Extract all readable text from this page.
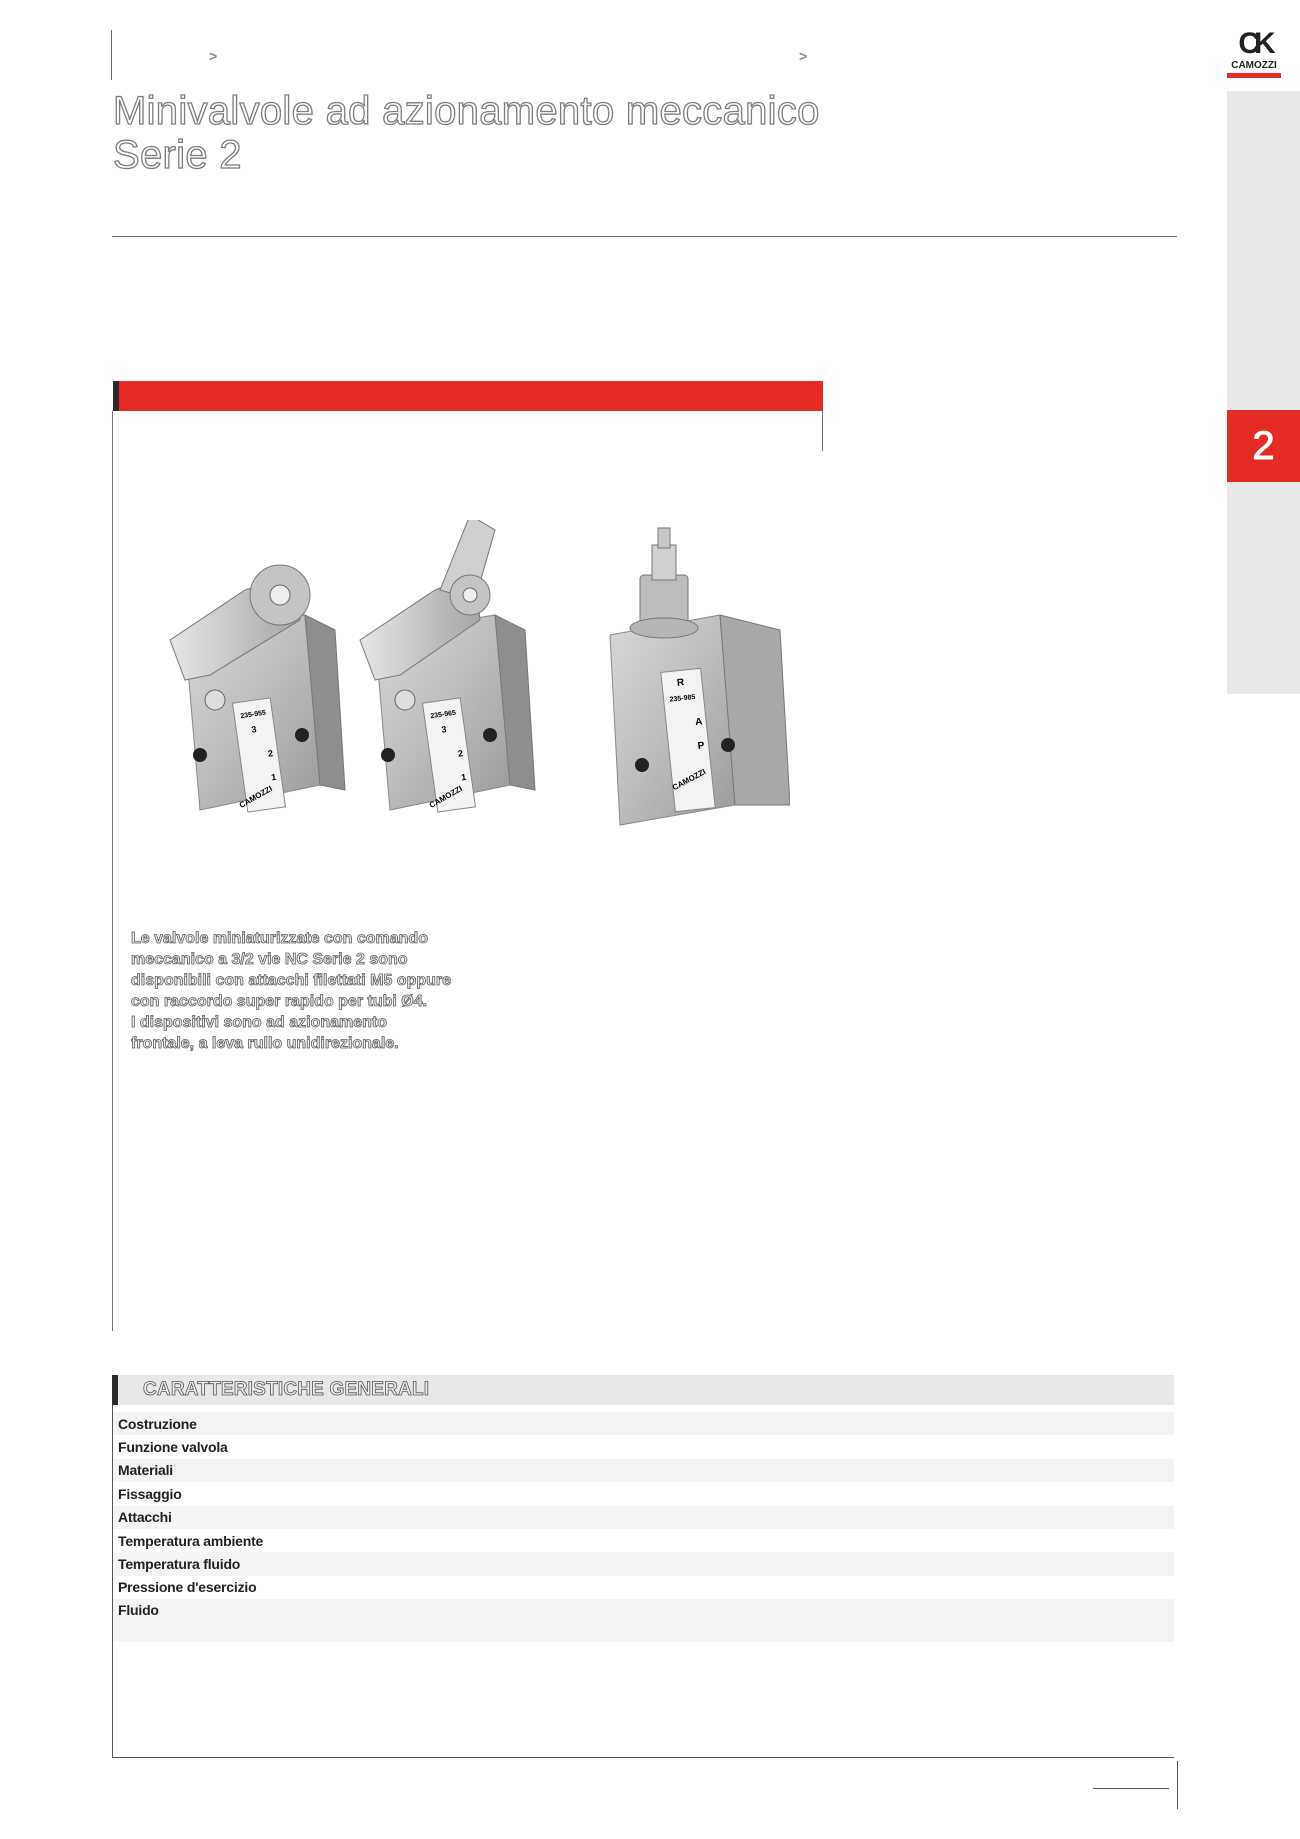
>	>
Minivalvole ad azionamento meccanico
Serie 2
CK
CAMOZZI
2
235-955
3
2
1
CAMOZZI
235-965
3
2
1
CAMOZZI
R
235-985
A
P
CAMOZZI
Le valvole miniaturizzate con comando
meccanico a 3/2 vie NC Serie 2 sono
disponibili con attacchi filettati M5 oppure
con raccordo super rapido per tubi Ø4.
I dispositivi sono ad azionamento
frontale, a leva rullo unidirezionale.
CARATTERISTICHE GENERALI
Costruzione
Funzione valvola
Materiali
Fissaggio
Attacchi
Temperatura ambiente
Temperatura fluido
Pressione d'esercizio
Fluido
